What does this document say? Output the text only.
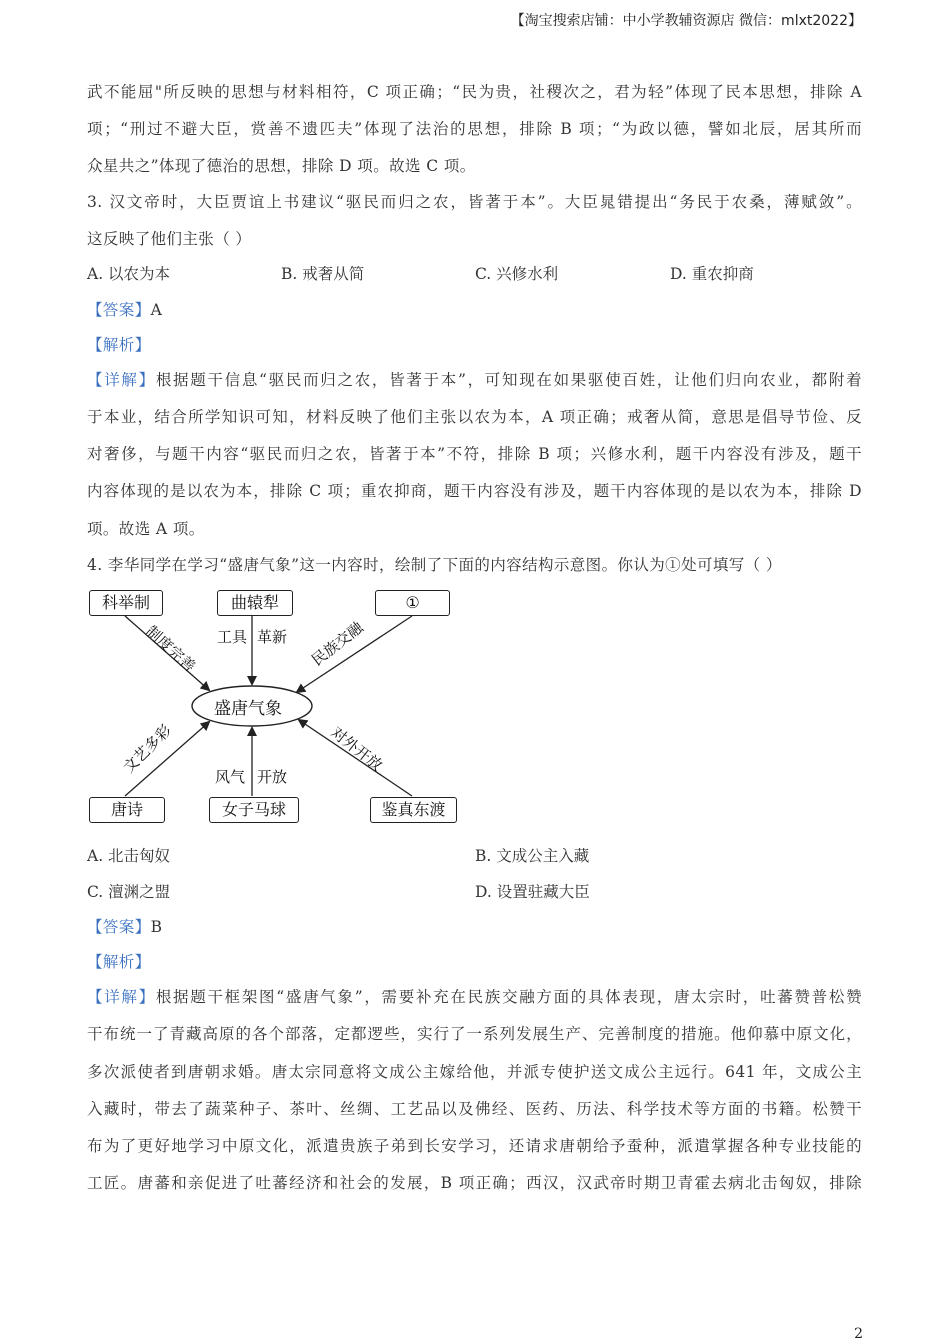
【淘宝搜索店铺：中小学教辅资源店 微信：mlxt2022】
武不能屈"所反映的思想与材料相符，C 项正确；“民为贵，社稷次之，君为轻”体现了民本思想，排除 A
项；“刑过不避大臣，赏善不遗匹夫”体现了法治的思想，排除 B 项；“为政以德，譬如北辰，居其所而
众星共之”体现了德治的思想，排除 D 项。故选 C 项。
3. 汉文帝时，大臣贾谊上书建议“驱民而归之农，皆著于本”。大臣晁错提出“务民于农桑，薄赋敛”。
这反映了他们主张（ ）
A. 以农为本	B. 戒奢从简	C. 兴修水利	D. 重农抑商
【答案】A
【解析】
【详解】根据题干信息“驱民而归之农，皆著于本”，可知现在如果驱使百姓，让他们归向农业，都附着
于本业，结合所学知识可知，材料反映了他们主张以农为本，A 项正确；戒奢从简，意思是倡导节俭、反
对奢侈，与题干内容“驱民而归之农，皆著于本”不符，排除 B 项；兴修水利，题干内容没有涉及，题干
内容体现的是以农为本，排除 C 项；重农抑商，题干内容没有涉及，题干内容体现的是以农为本，排除 D
项。故选 A 项。
4. 李华同学在学习“盛唐气象”这一内容时，绘制了下面的内容结构示意图。你认为①处可填写（ ）
盛唐气象
科举制	曲辕犁	①
唐诗	女子马球	鉴真东渡
制度完善 工具 革新 民族交融
文艺多彩
风气 开放
对外开放
A. 北击匈奴	B. 文成公主入藏
C. 澶渊之盟	D. 设置驻藏大臣
【答案】B
【解析】
【详解】根据题干框架图“盛唐气象”，需要补充在民族交融方面的具体表现，唐太宗时，吐蕃赞普松赞
干布统一了青藏高原的各个部落，定都逻些，实行了一系列发展生产、完善制度的措施。他仰慕中原文化，
多次派使者到唐朝求婚。唐太宗同意将文成公主嫁给他，并派专使护送文成公主远行。641 年，文成公主
入藏时，带去了蔬菜种子、茶叶、丝绸、工艺品以及佛经、医药、历法、科学技术等方面的书籍。松赞干
布为了更好地学习中原文化，派遣贵族子弟到长安学习，还请求唐朝给予蚕种，派遣掌握各种专业技能的
工匠。唐蕃和亲促进了吐蕃经济和社会的发展，B 项正确；西汉，汉武帝时期卫青霍去病北击匈奴，排除
2
